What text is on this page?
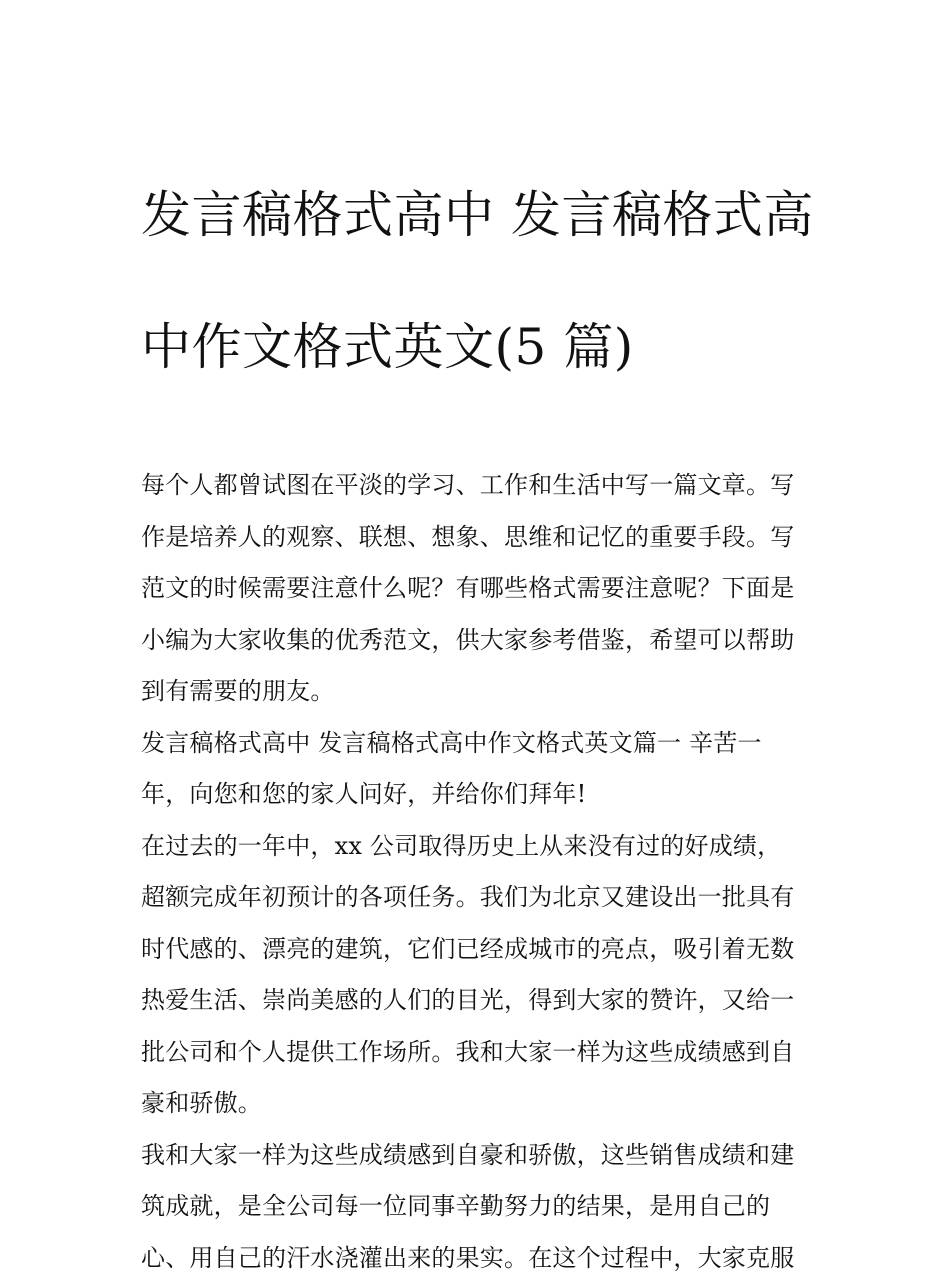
发言稿格式高中 发言稿格式高

中作文格式英文(5 篇)

每个人都曾试图在平淡的学习、工作和生活中写一篇文章。写
作是培养人的观察、联想、想象、思维和记忆的重要手段。写
范文的时候需要注意什么呢？有哪些格式需要注意呢？下面是
小编为大家收集的优秀范文，供大家参考借鉴，希望可以帮助
到有需要的朋友。

发言稿格式高中 发言稿格式高中作文格式英文篇一 辛苦一
年，向您和您的家人问好，并给你们拜年!

在过去的一年中，xx 公司取得历史上从来没有过的好成绩，
超额完成年初预计的各项任务。我们为北京又建设出一批具有
时代感的、漂亮的建筑，它们已经成城市的亮点，吸引着无数
热爱生活、崇尚美感的人们的目光，得到大家的赞许，又给一
批公司和个人提供工作场所。我和大家一样为这些成绩感到自
豪和骄傲。

我和大家一样为这些成绩感到自豪和骄傲，这些销售成绩和建
筑成就，是全公司每一位同事辛勤努力的结果，是用自己的
心、用自己的汗水浇灌出来的果实。在这个过程中，大家克服
